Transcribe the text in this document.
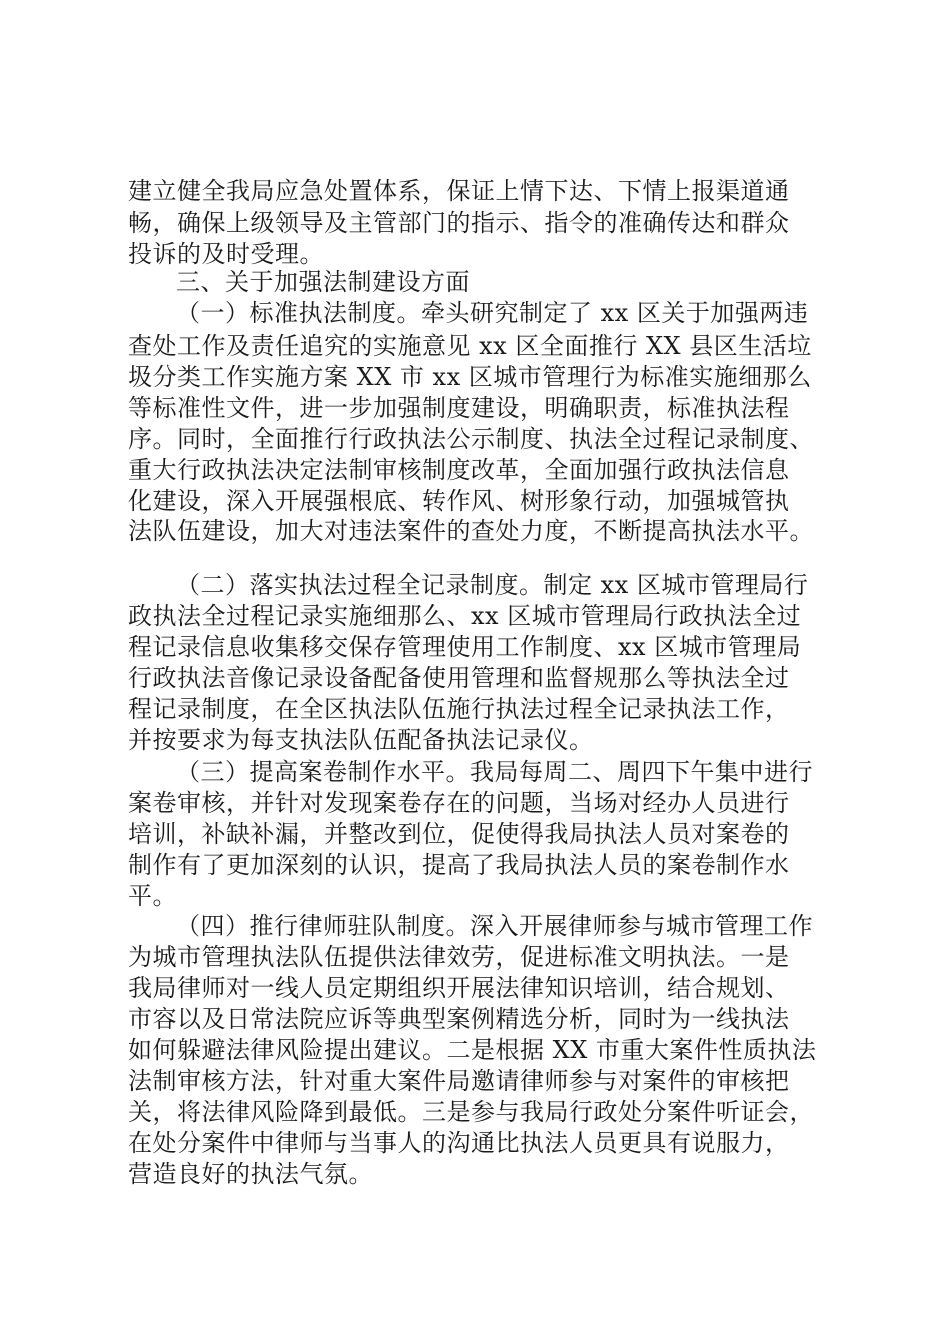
建立健全我局应急处置体系，保证上情下达、下情上报渠道通

畅，确保上级领导及主管部门的指示、指令的准确传达和群众

投诉的及时受理。

三、关于加强法制建设方面

（一）标准执法制度。牵头研究制定了 xx 区关于加强两违

查处工作及责任追究的实施意见 xx 区全面推行 XX 县区生活垃

圾分类工作实施方案 XX 市 xx 区城市管理行为标准实施细那么

等标准性文件，进一步加强制度建设，明确职责，标准执法程

序。同时，全面推行行政执法公示制度、执法全过程记录制度、

重大行政执法决定法制审核制度改革，全面加强行政执法信息

化建设，深入开展强根底、转作风、树形象行动，加强城管执

法队伍建设，加大对违法案件的查处力度，不断提高执法水平。

（二）落实执法过程全记录制度。制定 xx 区城市管理局行

政执法全过程记录实施细那么、xx 区城市管理局行政执法全过

程记录信息收集移交保存管理使用工作制度、xx 区城市管理局

行政执法音像记录设备配备使用管理和监督规那么等执法全过

程记录制度，在全区执法队伍施行执法过程全记录执法工作，

并按要求为每支执法队伍配备执法记录仪。

（三）提高案卷制作水平。我局每周二、周四下午集中进行

案卷审核，并针对发现案卷存在的问题，当场对经办人员进行

培训，补缺补漏，并整改到位，促使得我局执法人员对案卷的

制作有了更加深刻的认识，提高了我局执法人员的案卷制作水

平。

（四）推行律师驻队制度。深入开展律师参与城市管理工作

为城市管理执法队伍提供法律效劳，促进标准文明执法。一是

我局律师对一线人员定期组织开展法律知识培训，结合规划、

市容以及日常法院应诉等典型案例精选分析，同时为一线执法

如何躲避法律风险提出建议。二是根据 XX 市重大案件性质执法

法制审核方法，针对重大案件局邀请律师参与对案件的审核把

关，将法律风险降到最低。三是参与我局行政处分案件听证会，

在处分案件中律师与当事人的沟通比执法人员更具有说服力，

营造良好的执法气氛。
